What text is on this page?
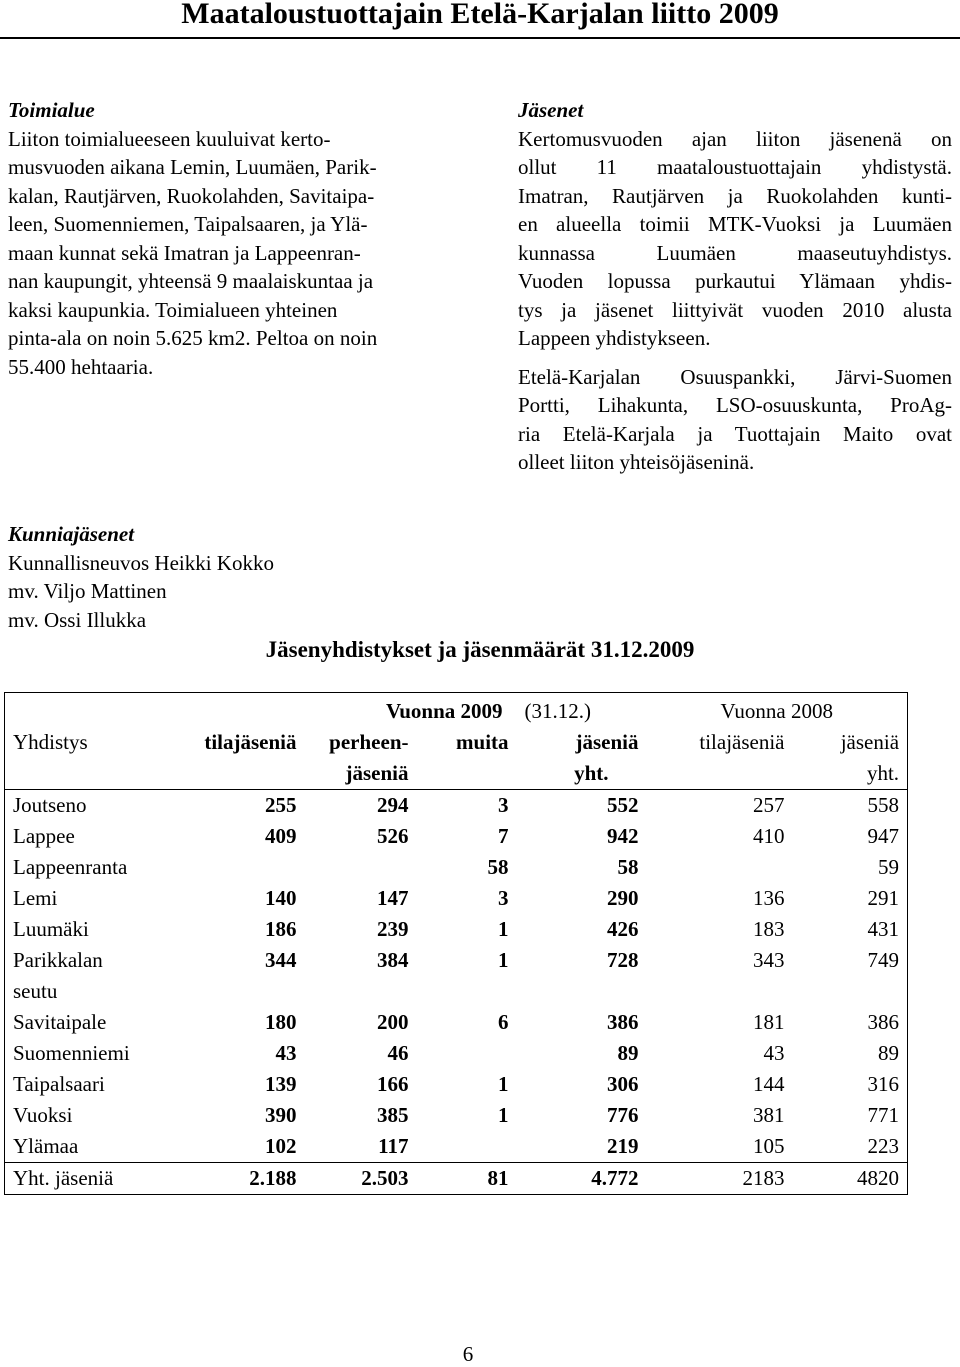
Maataloustuottajain Etelä-Karjalan liitto 2009
Toimialue
Liiton toimialueeseen kuuluivat kerto-
musvuoden aikana Lemin, Luumäen, Parik-
kalan, Rautjärven, Ruokolahden, Savitaipa-
leen, Suomenniemen, Taipalsaaren, ja Ylä-
maan kunnat sekä Imatran ja Lappeenran-
nan kaupungit, yhteensä 9 maalaiskuntaa ja
kaksi kaupunkia. Toimialueen yhteinen
pinta-ala on noin 5.625 km2. Peltoa on noin
55.400 hehtaaria.
Jäsenet
Kertomusvuoden ajan liiton jäsenenä on
ollut 11 maataloustuottajain yhdistystä.
Imatran, Rautjärven ja Ruokolahden kunti-
en alueella toimii MTK-Vuoksi ja Luumäen
kunnassa Luumäen maaseutuyhdistys.
Vuoden lopussa purkautui Ylämaan yhdis-
tys ja jäsenet liittyivät vuoden 2010 alusta
Lappeen yhdistykseen.
Etelä-Karjalan Osuuspankki, Järvi-Suomen
Portti, Lihakunta, LSO-osuuskunta, ProAg-
ria Etelä-Karjala ja Tuottajain Maito ovat
olleet liiton yhteisöjäseninä.
Kunniajäsenet
Kunnallisneuvos Heikki Kokko
mv. Viljo Mattinen
mv. Ossi Illukka
Jäsenyhdistykset ja jäsenmäärät 31.12.2009
	Vuonna 2009			(31.12.)	Vuonna 2008	
Yhdistys	tilajäseniä	perheen-	muita	jäseniä	tilajäseniä	jäseniä
		jäseniä		yht.		yht.
Joutseno	255	294	3	552	257	558
Lappee	409	526	7	942	410	947
Lappeenranta			58	58		59
Lemi	140	147	3	290	136	291
Luumäki	186	239	1	426	183	431
Parikkalan	344	384	1	728	343	749
seutu						
Savitaipale	180	200	6	386	181	386
Suomenniemi	43	46		89	43	89
Taipalsaari	139	166	1	306	144	316
Vuoksi	390	385	1	776	381	771
Ylämaa	102	117		219	105	223
Yht. jäseniä	2.188	2.503	81	4.772	2183	4820
6
